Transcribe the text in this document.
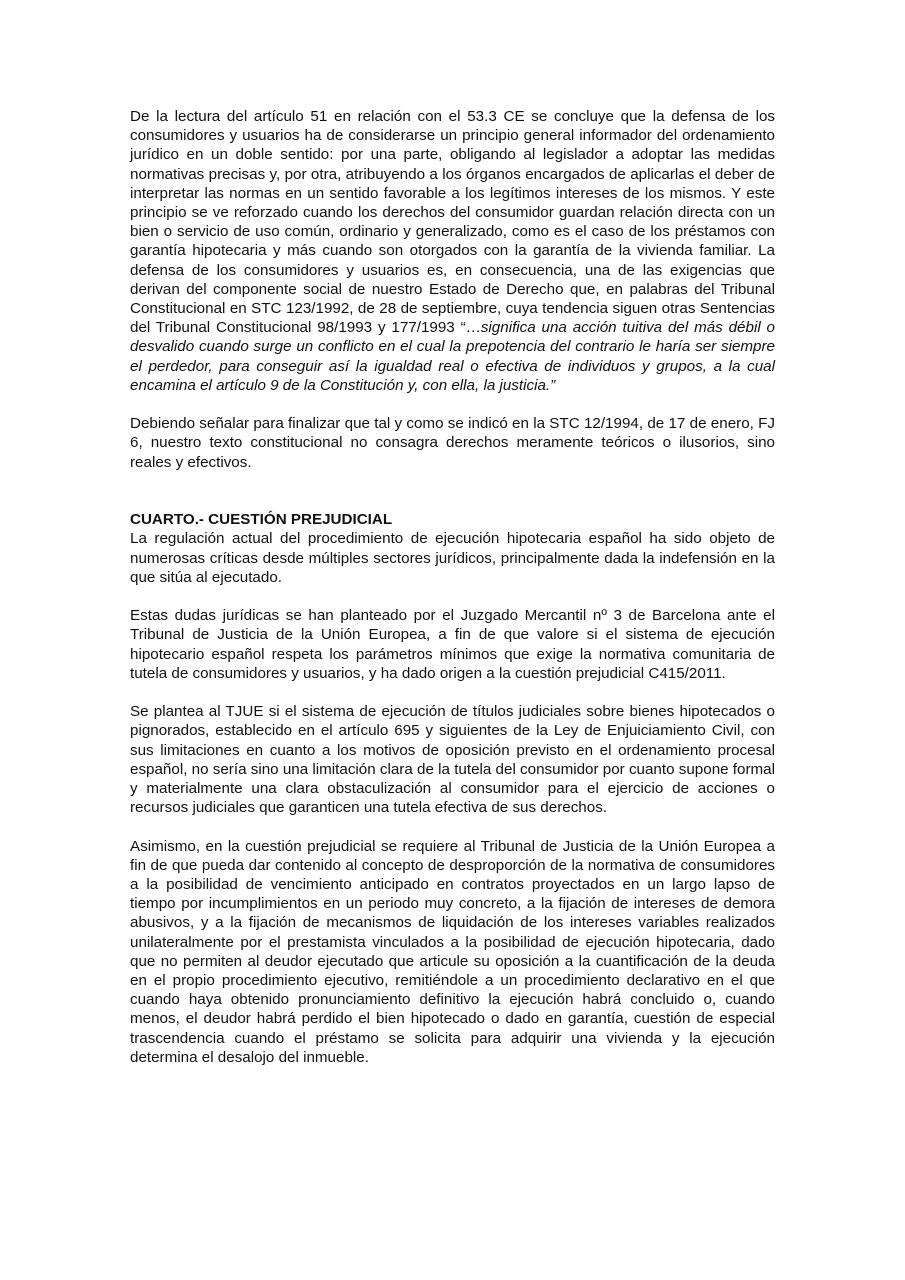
De la lectura del artículo 51 en relación con el 53.3 CE se concluye que la defensa de los consumidores y usuarios ha de considerarse un principio general informador del ordenamiento jurídico en un doble sentido: por una parte, obligando al legislador a adoptar las medidas normativas precisas y, por otra, atribuyendo a los órganos encargados de aplicarlas el deber de interpretar las normas en un sentido favorable a los legítimos intereses de los mismos. Y este principio se ve reforzado cuando los derechos del consumidor guardan relación directa con un bien o servicio de uso común, ordinario y generalizado, como es el caso de los préstamos con garantía hipotecaria y más cuando son otorgados con la garantía de la vivienda familiar. La defensa de los consumidores y usuarios es, en consecuencia, una de las exigencias que derivan del componente social de nuestro Estado de Derecho que, en palabras del Tribunal Constitucional en STC 123/1992, de 28 de septiembre, cuya tendencia siguen otras Sentencias del Tribunal Constitucional 98/1993 y 177/1993 “…significa una acción tuitiva del más débil o desvalido cuando surge un conflicto en el cual la prepotencia del contrario le haría ser siempre el perdedor, para conseguir así la igualdad real o efectiva de individuos y grupos, a la cual encamina el artículo 9 de la Constitución y, con ella, la justicia.”

Debiendo señalar para finalizar que tal y como se indicó en la STC 12/1994, de 17 de enero, FJ 6, nuestro texto constitucional no consagra derechos meramente teóricos o ilusorios, sino reales y efectivos.

CUARTO.- CUESTIÓN PREJUDICIAL

La regulación actual del procedimiento de ejecución hipotecaria español ha sido objeto de numerosas críticas desde múltiples sectores jurídicos, principalmente dada la indefensión en la que sitúa al ejecutado.

Estas dudas jurídicas se han planteado por el Juzgado Mercantil nº 3 de Barcelona ante el Tribunal de Justicia de la Unión Europea, a fin de que valore si el sistema de ejecución hipotecario español respeta los parámetros mínimos que exige la normativa comunitaria de tutela de consumidores y usuarios, y ha dado origen a la cuestión prejudicial C415/2011.

Se plantea al TJUE si el sistema de ejecución de títulos judiciales sobre bienes hipotecados o pignorados, establecido en el artículo 695 y siguientes de la Ley de Enjuiciamiento Civil, con sus limitaciones en cuanto a los motivos de oposición previsto en el ordenamiento procesal español, no sería sino una limitación clara de la tutela del consumidor por cuanto supone formal y materialmente una clara obstaculización al consumidor para el ejercicio de acciones o recursos judiciales que garanticen una tutela efectiva de sus derechos.

Asimismo, en la cuestión prejudicial se requiere al Tribunal de Justicia de la Unión Europea a fin de que pueda dar contenido al concepto de desproporción de la normativa de consumidores a la posibilidad de vencimiento anticipado en contratos proyectados en un largo lapso de tiempo por incumplimientos en un periodo muy concreto, a la fijación de intereses de demora abusivos, y a la fijación de mecanismos de liquidación de los intereses variables realizados unilateralmente por el prestamista vinculados a la posibilidad de ejecución hipotecaria, dado que no permiten al deudor ejecutado que articule su oposición a la cuantificación de la deuda en el propio procedimiento ejecutivo, remitiéndole a un procedimiento declarativo en el que cuando haya obtenido pronunciamiento definitivo la ejecución habrá concluido o, cuando menos, el deudor habrá perdido el bien hipotecado o dado en garantía, cuestión de especial trascendencia cuando el préstamo se solicita para adquirir una vivienda y la ejecución determina el desalojo del inmueble.
